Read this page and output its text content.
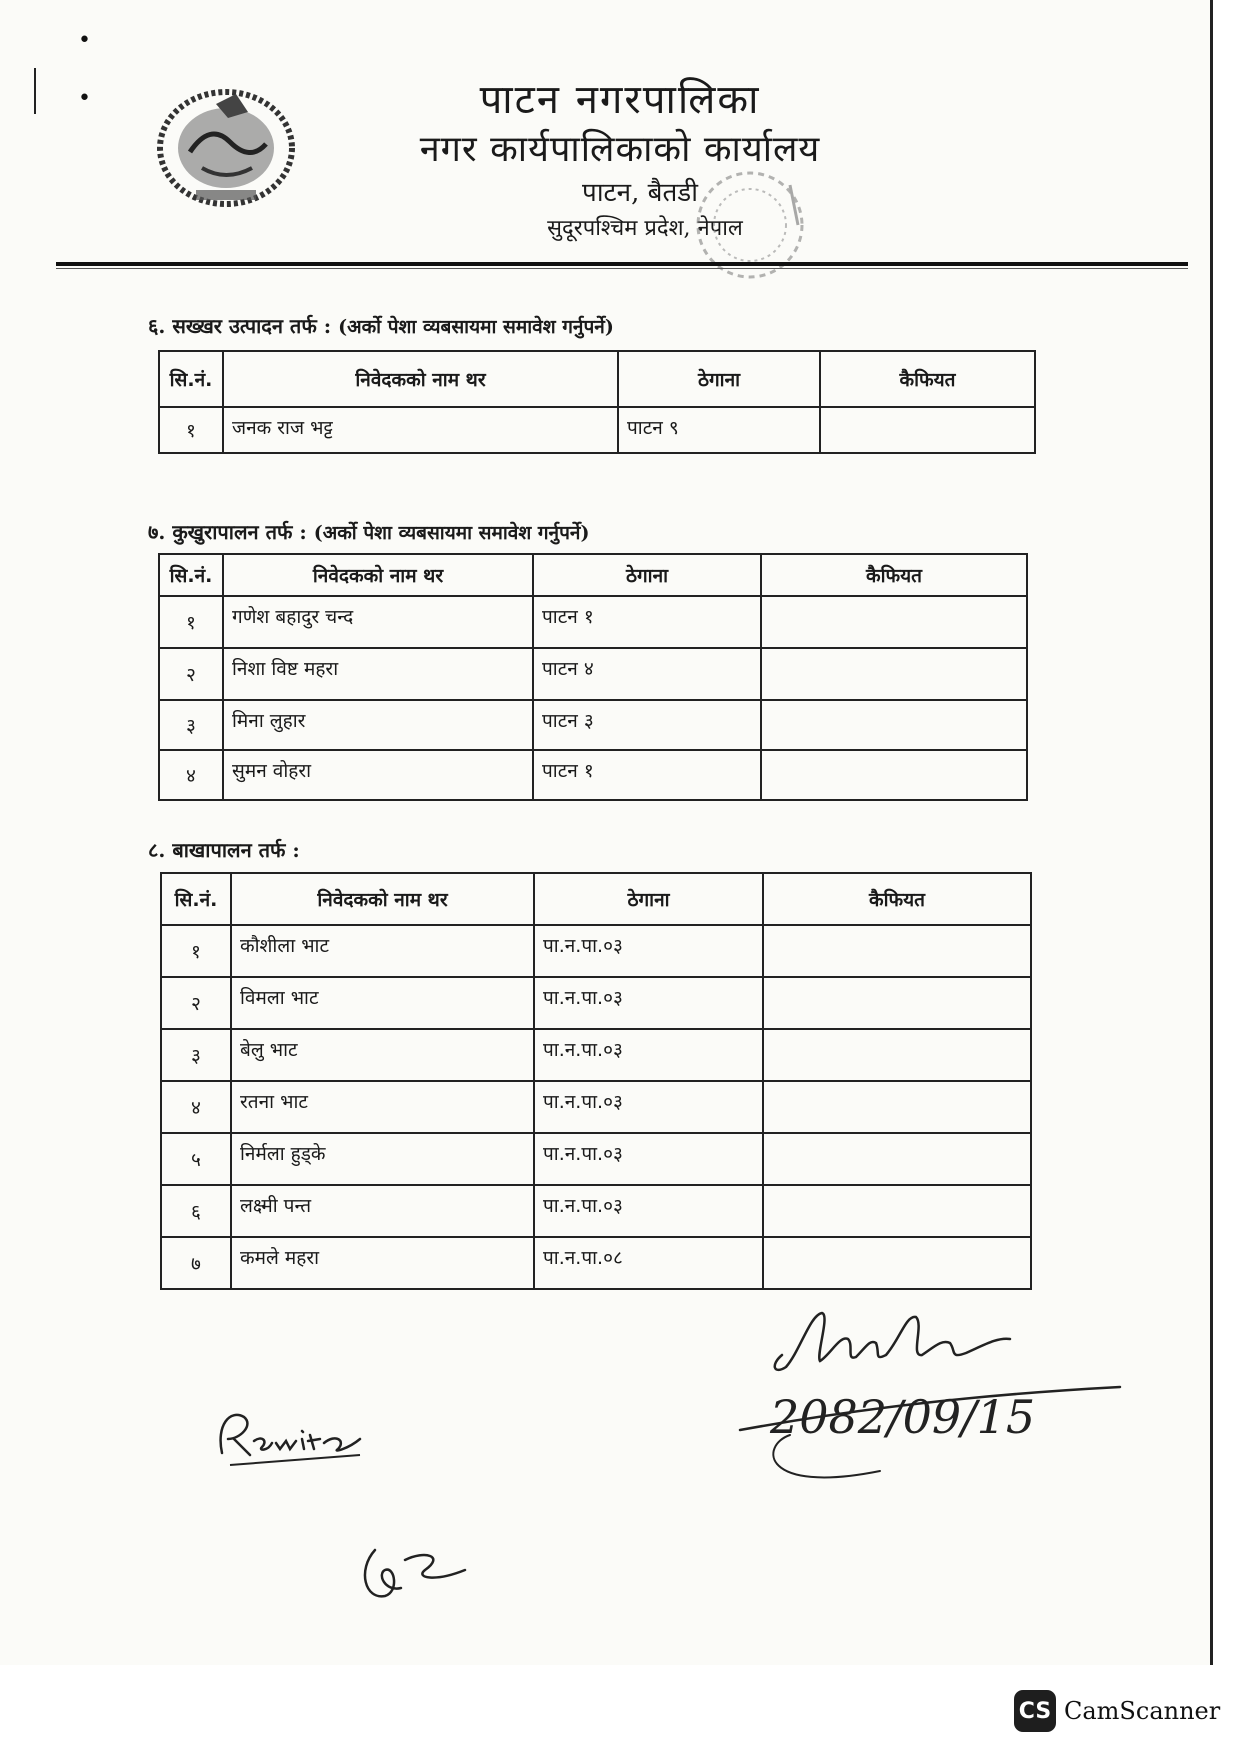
•
•	पाटन नगरपालिका
नगर कार्यपालिकाको कार्यालय
पाटन, बैतडी
सुदूरपश्चिम प्रदेश, नेपाल
६. सख्खर उत्पादन तर्फ : (अर्को पेशा व्यबसायमा समावेश गर्नुपर्ने)
सि.नं.	निवेदकको नाम थर	ठेगाना	कैफियत
१	जनक राज भट्ट	पाटन ९	
७. कुखुरापालन तर्फ : (अर्को पेशा व्यबसायमा समावेश गर्नुपर्ने)
सि.नं.	निवेदकको नाम थर	ठेगाना	कैफियत
१	गणेश बहादुर चन्द	पाटन १	
२	निशा विष्ट महरा	पाटन ४	
३	मिना लुहार	पाटन ३	
४	सुमन वोहरा	पाटन १	
८. बाखापालन तर्फ :
सि.नं.	निवेदकको नाम थर	ठेगाना	कैफियत
१	कौशीला भाट	पा.न.पा.०३	
२	विमला भाट	पा.न.पा.०३	
३	बेलु भाट	पा.न.पा.०३	
४	रतना भाट	पा.न.पा.०३	
५	निर्मला हुड्के	पा.न.पा.०३	
६	लक्ष्मी पन्त	पा.न.पा.०३	
७	कमले महरा	पा.न.पा.०८	
2082/09/15
CS CamScanner
